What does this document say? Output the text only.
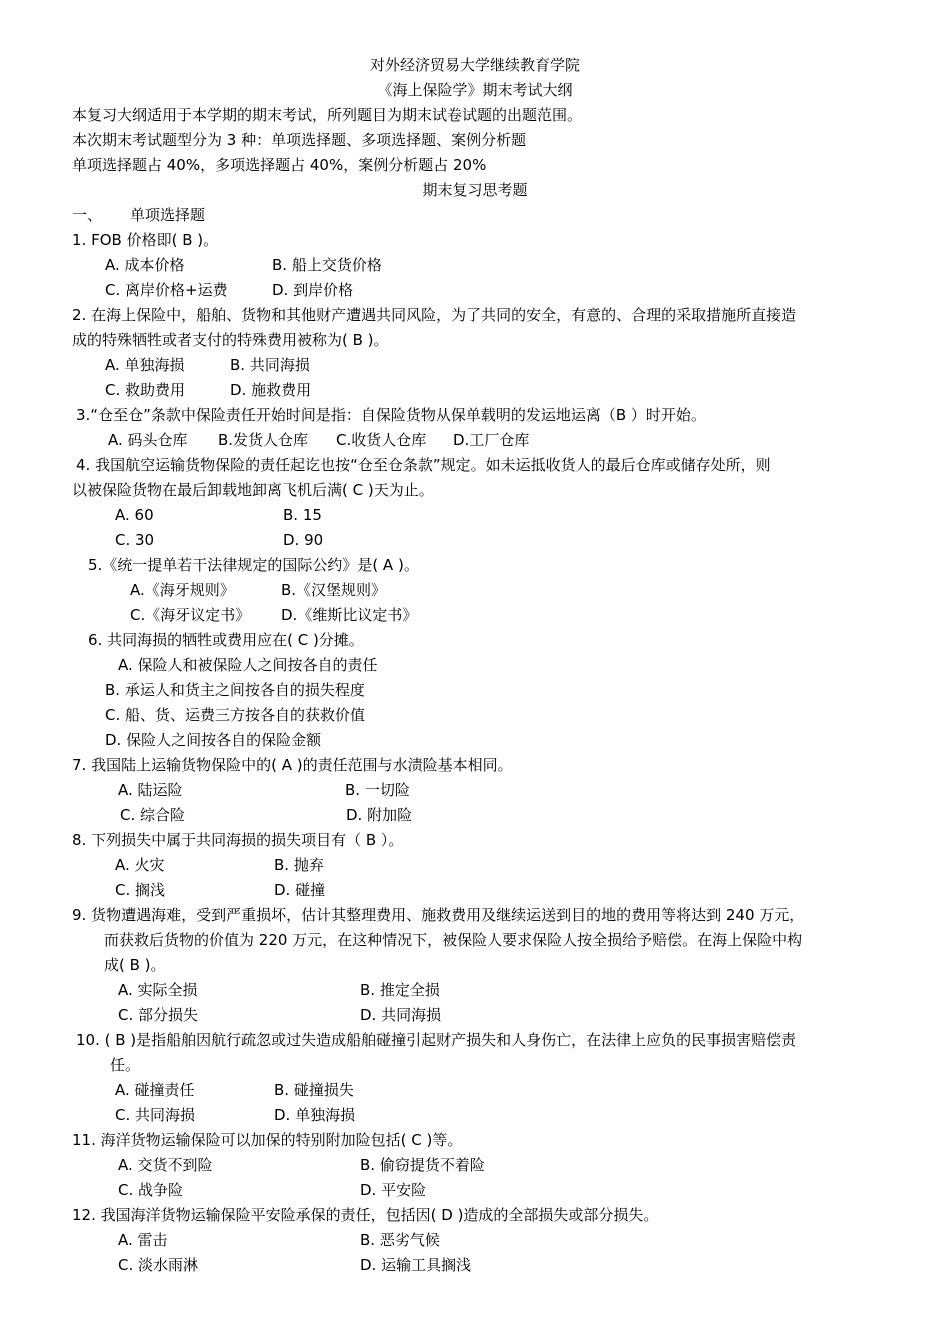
对外经济贸易大学继续教育学院
《海上保险学》期末考试大纲
本复习大纲适用于本学期的期末考试，所列题目为期末试卷试题的出题范围。
本次期末考试题型分为 3 种：单项选择题、多项选择题、案例分析题
单项选择题占 40%，多项选择题占 40%，案例分析题占 20%
期末复习思考题
一、 单项选择题
1. FOB 价格即( B )。
A. 成本价格	B. 船上交货价格
C. 离岸价格+运费	D. 到岸价格
2. 在海上保险中，船舶、货物和其他财产遭遇共同风险，为了共同的安全，有意的、合理的采取措施所直接造
成的特殊牺牲或者支付的特殊费用被称为( B )。
A. 单独海损	B. 共同海损
C. 救助费用	D. 施救费用
3.“仓至仓”条款中保险责任开始时间是指：自保险货物从保单载明的发运地运离（B ）时开始。
A. 码头仓库 B.发货人仓库 C.收货人仓库 D.工厂仓库
4. 我国航空运输货物保险的责任起讫也按“仓至仓条款”规定。如未运抵收货人的最后仓库或储存处所，则
以被保险货物在最后卸载地卸离飞机后满( C )天为止。
A. 60	B. 15
C. 30	D. 90
5.《统一提单若干法律规定的国际公约》是( A )。
A.《海牙规则》	B.《汉堡规则》
C.《海牙议定书》 D.《维斯比议定书》
6. 共同海损的牺牲或费用应在( C )分摊。
A. 保险人和被保险人之间按各自的责任
B. 承运人和货主之间按各自的损失程度
C. 船、货、运费三方按各自的获救价值
D. 保险人之间按各自的保险金额
7. 我国陆上运输货物保险中的( A )的责任范围与水渍险基本相同。
A. 陆运险	B. 一切险
C. 综合险	D. 附加险
8. 下列损失中属于共同海损的损失项目有（ B ）。
A. 火灾	B. 抛弃
C. 搁浅	D. 碰撞
9. 货物遭遇海难，受到严重损坏，估计其整理费用、施救费用及继续运送到目的地的费用等将达到 240 万元，
而获救后货物的价值为 220 万元，在这种情况下，被保险人要求保险人按全损给予赔偿。在海上保险中构
成( B )。
A. 实际全损	B. 推定全损
C. 部分损失	D. 共同海损
10. ( B )是指船舶因航行疏忽或过失造成船舶碰撞引起财产损失和人身伤亡，在法律上应负的民事损害赔偿责
任。
A. 碰撞责任	B. 碰撞损失
C. 共同海损	D. 单独海损
11. 海洋货物运输保险可以加保的特别附加险包括( C )等。
A. 交货不到险	B. 偷窃提货不着险
C. 战争险	D. 平安险
12. 我国海洋货物运输保险平安险承保的责任，包括因( D )造成的全部损失或部分损失。
A. 雷击	B. 恶劣气候
C. 淡水雨淋	D. 运输工具搁浅
